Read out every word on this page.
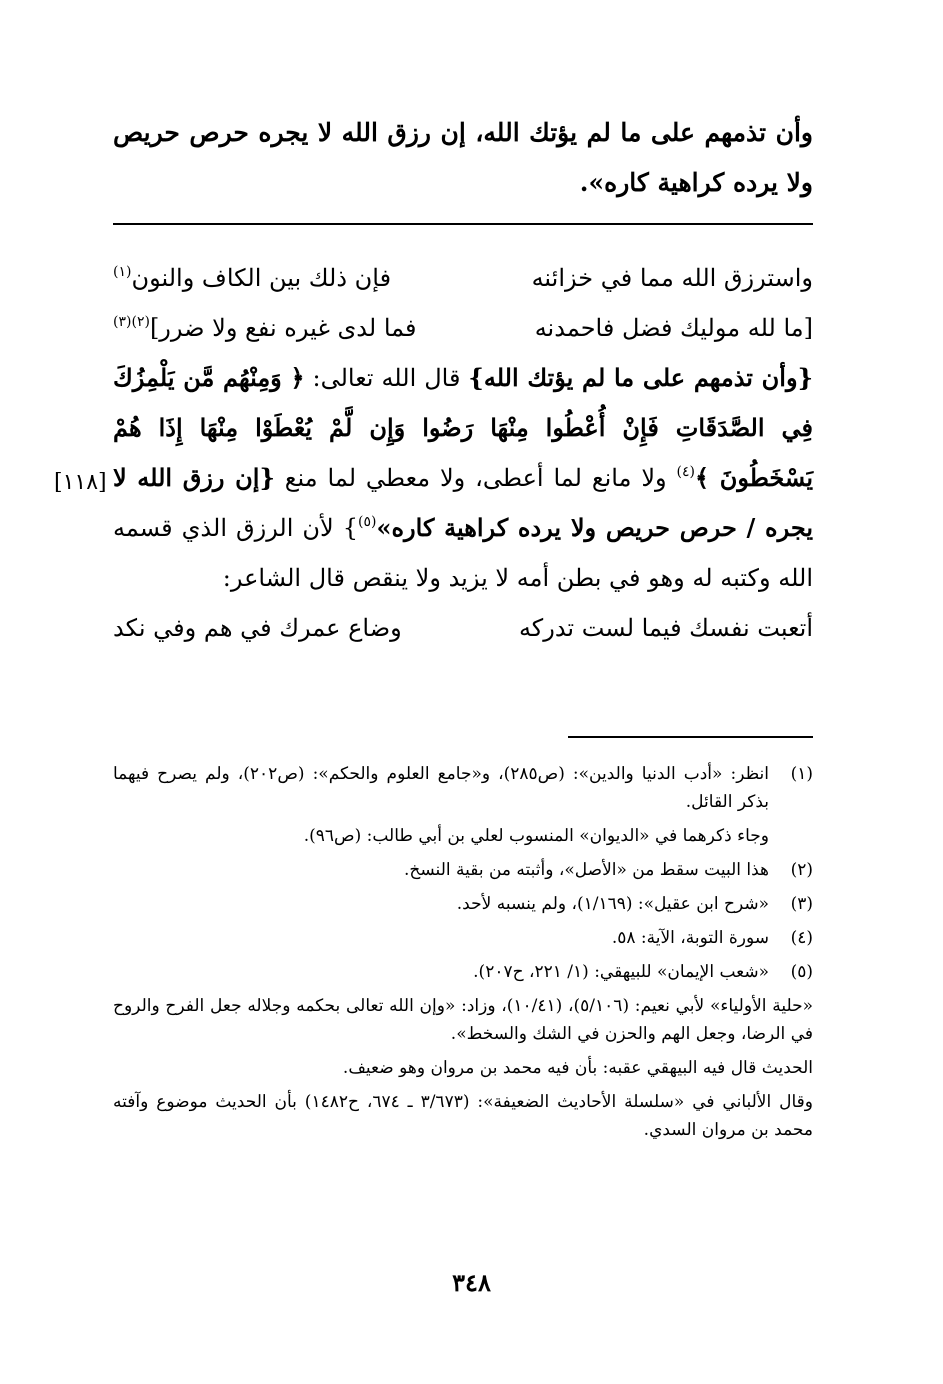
وأن تذمهم على ما لم يؤتك الله، إن رزق الله لا يجره حرص حريص ولا يرده كراهية كاره».
واسترزق الله مما في خزائنه
فإن ذلك بين الكاف والنون$^{(١)}$
[ما لله موليك فضل فاحمدنه
فما لدى غيره نفع ولا ضرر]$^{(٢)(٣)}$
{وأن تذمهم على ما لم يؤتك الله} قال الله تعالى: ﴿ وَمِنْهُم مَّن يَلْمِزُكَ فِي الصَّدَقَاتِ فَإِنْ أُعْطُوا مِنْهَا رَضُوا وَإِن لَّمْ يُعْطَوْا مِنْهَا إِذَا هُمْ يَسْخَطُونَ ﴾$^{(٤)}$ ولا مانع لما أعطى، ولا معطي لما منع {إن رزق الله لا يجره / حرص حريص ولا يرده كراهية كاره»$^{(٥)}$} لأن الرزق الذي قسمه الله وكتبه له وهو في بطن أمه لا يزيد ولا ينقص قال الشاعر:
أتعبت نفسك فيما لست تدركه
وضاع عمرك في هم وفي نكد
[١١٨]
(١)
انظر: «أدب الدنيا والدين»: (ص٢٨٥)، و«جامع العلوم والحكم»: (ص٢٠٢)، ولم يصرح فيهما بذكر القائل.
وجاء ذكرهما في «الديوان» المنسوب لعلي بن أبي طالب: (ص٩٦).
(٢)
هذا البيت سقط من «الأصل»، وأثبته من بقية النسخ.
(٣)
«شرح ابن عقيل»: (١/١٦٩)، ولم ينسبه لأحد.
(٤)
سورة التوبة، الآية: ٥٨.
(٥)
«شعب الإيمان» للبيهقي: (١/ ٢٢١، ح٢٠٧).
«حلية الأولياء» لأبي نعيم: (٥/١٠٦)، (١٠/٤١)، وزاد: «وإن الله تعالى بحكمه وجلاله جعل الفرح والروح في الرضا، وجعل الهم والحزن في الشك والسخط».
الحديث قال فيه البيهقي عقبه: بأن فيه محمد بن مروان وهو ضعيف.
وقال الألباني في «سلسلة الأحاديث الضعيفة»: (٣/٦٧٣ ـ ٦٧٤، ح١٤٨٢) بأن الحديث موضوع وآفته محمد بن مروان السدي.
٣٤٨
